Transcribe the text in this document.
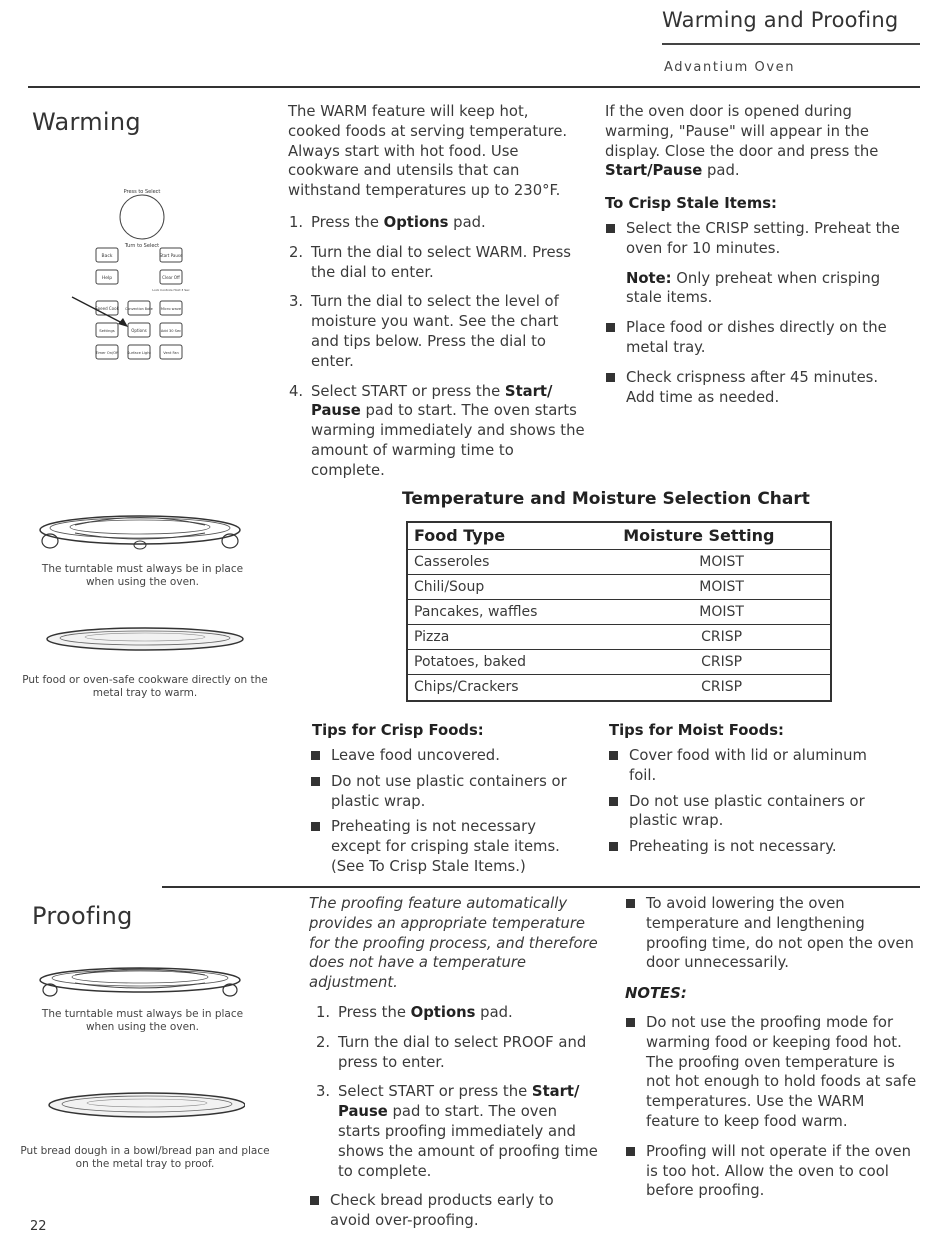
Warming and Proofing
Advantium Oven
Warming
Press to Select
Turn to Select
Back	Start Pause
Help	Clear Off
Lock Controls Hold 3 Sec
Speed Cook Convection Bake Micro wave
Settings	Options	Add 30 Sec
Timer On/Off Surface Light	Vent Fan
The turntable must always be in place when using the oven.
Put food or oven-safe cookware directly on the metal tray to warm.
The WARM feature will keep hot, cooked foods at serving temperature. Always start with hot food. Use cookware and utensils that can withstand temperatures up to 230°F.
1. Press the Options pad.
2. Turn the dial to select WARM. Press the dial to enter.
3. Turn the dial to select the level of moisture you want. See the chart and tips below. Press the dial to enter.
4. Select START or press the Start/ Pause pad to start. The oven starts warming immediately and shows the amount of warming time to complete.
If the oven door is opened during warming, "Pause" will appear in the display. Close the door and press the Start/Pause pad.
To Crisp Stale Items:
Select the CRISP setting. Preheat the oven for 10 minutes.
Note: Only preheat when crisping stale items.
Place food or dishes directly on the metal tray.
Check crispness after 45 minutes. Add time as needed.
Temperature and Moisture Selection Chart
Food Type	Moisture Setting
Casseroles	MOIST
Chili/Soup	MOIST
Pancakes, waffles	MOIST
Pizza	CRISP
Potatoes, baked	CRISP
Chips/Crackers	CRISP
Tips for Crisp Foods:
Leave food uncovered.
Do not use plastic containers or plastic wrap.
Preheating is not necessary except for crisping stale items. (See To Crisp Stale Items.)
Tips for Moist Foods:
Cover food with lid or aluminum foil.
Do not use plastic containers or plastic wrap.
Preheating is not necessary.
Proofing
The turntable must always be in place when using the oven.
Put bread dough in a bowl/bread pan and place on the metal tray to proof.
The proofing feature automatically provides an appropriate temperature for the proofing process, and therefore does not have a temperature adjustment.
1. Press the Options pad.
2. Turn the dial to select PROOF and press to enter.
3. Select START or press the Start/ Pause pad to start. The oven starts proofing immediately and shows the amount of proofing time to complete.
Check bread products early to avoid over-proofing.
To avoid lowering the oven temperature and lengthening proofing time, do not open the oven door unnecessarily.
NOTES:
Do not use the proofing mode for warming food or keeping food hot. The proofing oven temperature is not hot enough to hold foods at safe temperatures. Use the WARM feature to keep food warm.
Proofing will not operate if the oven is too hot. Allow the oven to cool before proofing.
22
